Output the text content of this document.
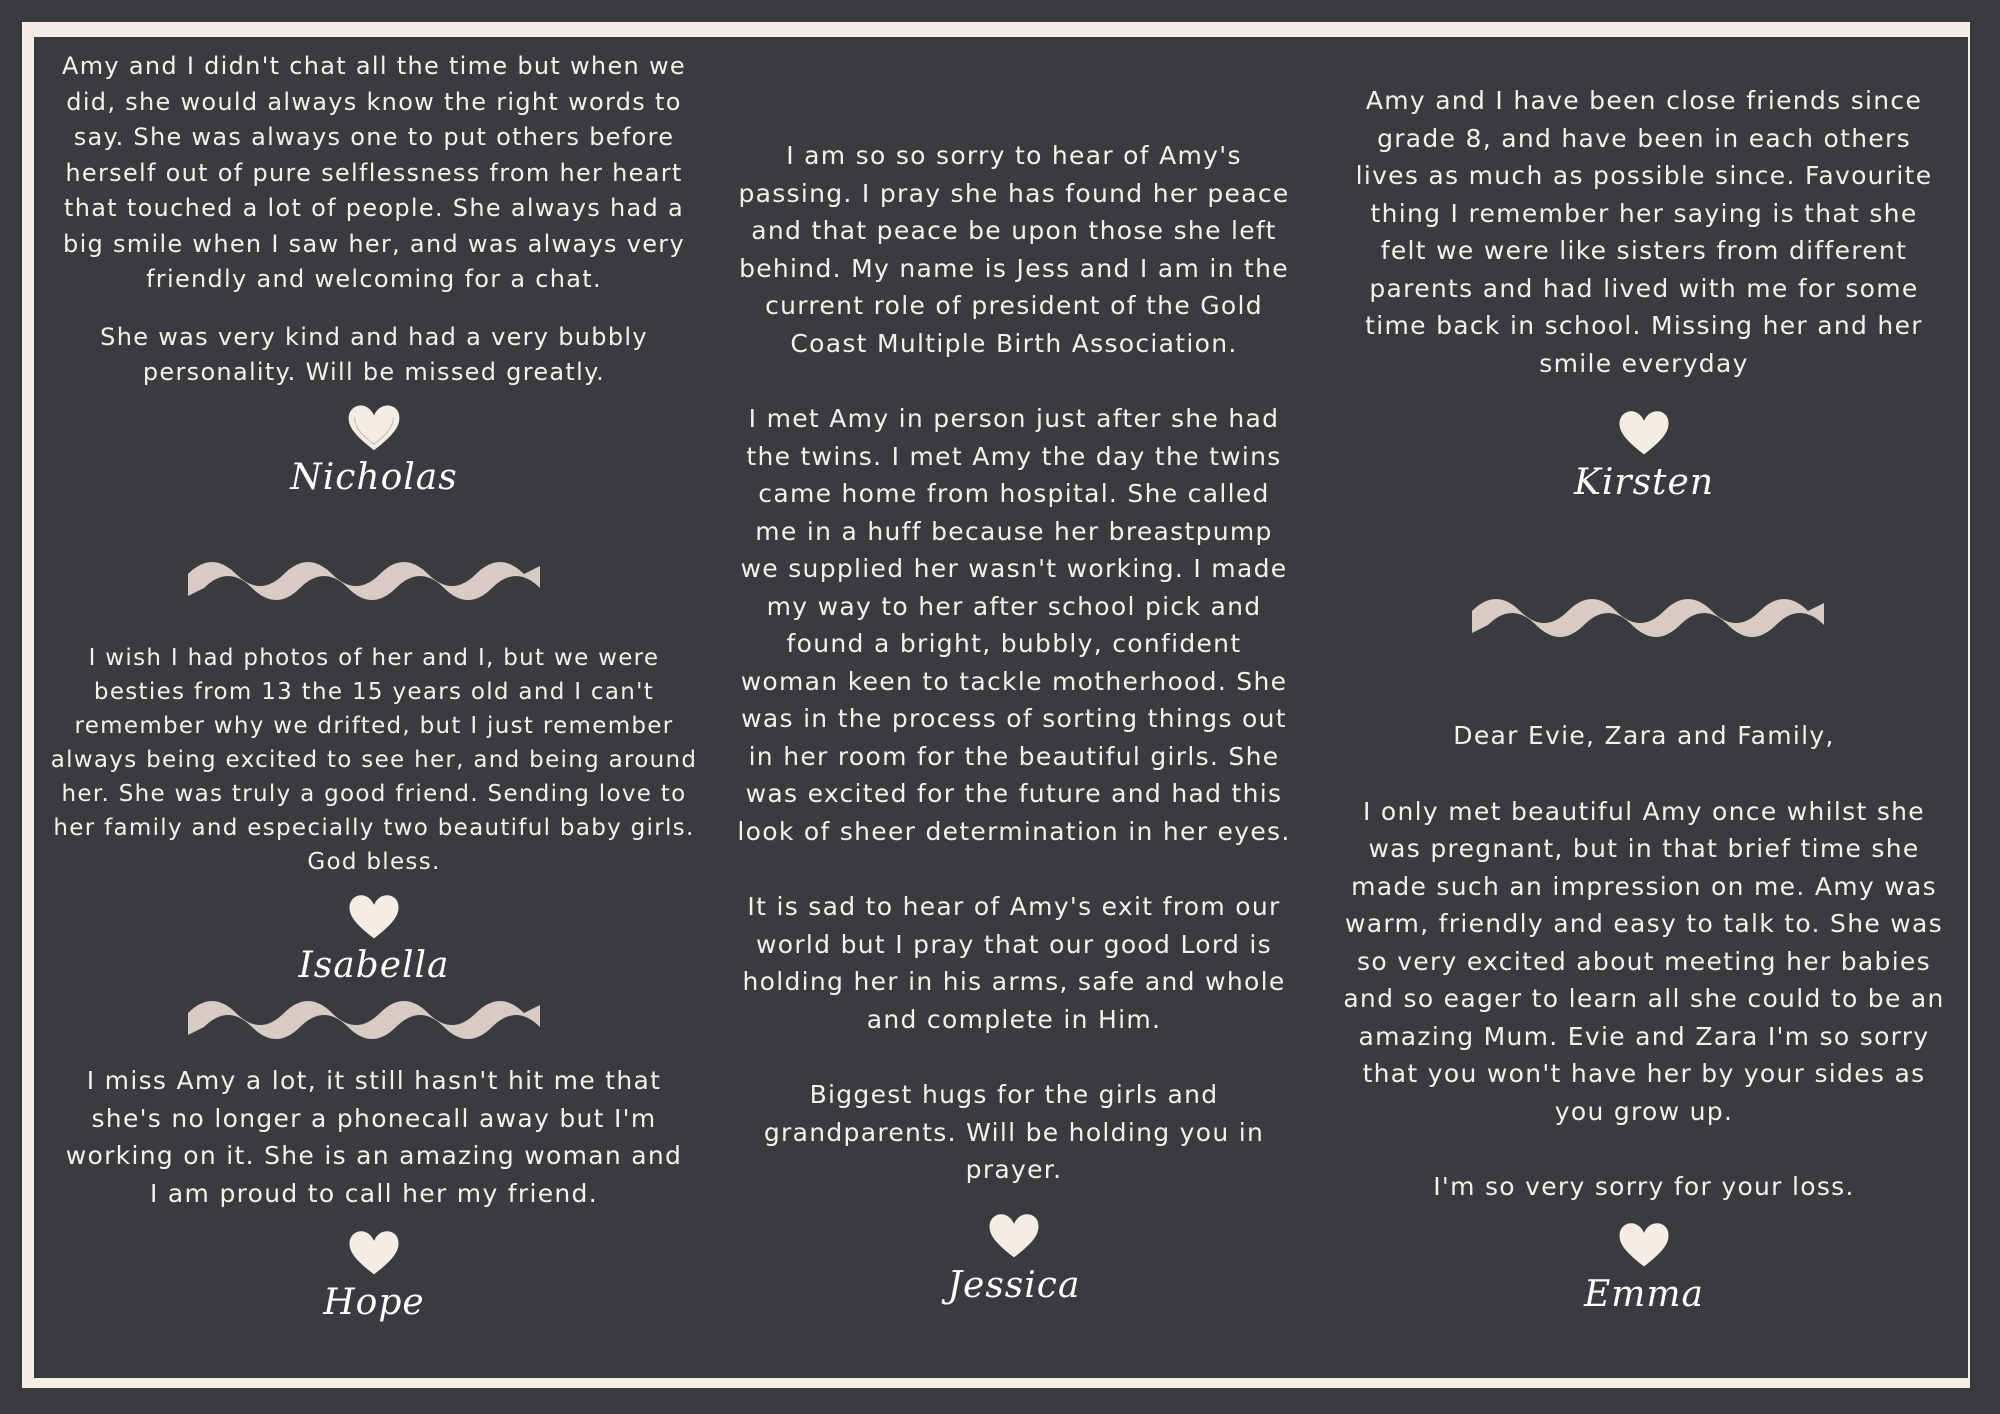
Amy and I didn't chat all the time but when we did, she would always know the right words to say. She was always one to put others before herself out of pure selflessness from her heart that touched a lot of people. She always had a big smile when I saw her, and was always very friendly and welcoming for a chat.

She was very kind and had a very bubbly personality. Will be missed greatly.

Nicholas

I wish I had photos of her and I, but we were besties from 13 the 15 years old and I can't remember why we drifted, but I just remember always being excited to see her, and being around her. She was truly a good friend. Sending love to her family and especially two beautiful baby girls. God bless.

Isabella

I miss Amy a lot, it still hasn't hit me that she's no longer a phonecall away but I'm working on it. She is an amazing woman and I am proud to call her my friend.

Hope

I am so so sorry to hear of Amy's passing. I pray she has found her peace and that peace be upon those she left behind. My name is Jess and I am in the current role of president of the Gold Coast Multiple Birth Association.

I met Amy in person just after she had the twins. I met Amy the day the twins came home from hospital. She called me in a huff because her breastpump we supplied her wasn't working. I made my way to her after school pick and found a bright, bubbly, confident woman keen to tackle motherhood. She was in the process of sorting things out in her room for the beautiful girls. She was excited for the future and had this look of sheer determination in her eyes.

It is sad to hear of Amy's exit from our world but I pray that our good Lord is holding her in his arms, safe and whole and complete in Him.

Biggest hugs for the girls and grandparents. Will be holding you in prayer.

Jessica

Amy and I have been close friends since grade 8, and have been in each others lives as much as possible since. Favourite thing I remember her saying is that she felt we were like sisters from different parents and had lived with me for some time back in school. Missing her and her smile everyday

Kirsten

Dear Evie, Zara and Family,

I only met beautiful Amy once whilst she was pregnant, but in that brief time she made such an impression on me. Amy was warm, friendly and easy to talk to. She was so very excited about meeting her babies and so eager to learn all she could to be an amazing Mum. Evie and Zara I'm so sorry that you won't have her by your sides as you grow up.

I'm so very sorry for your loss.

Emma
